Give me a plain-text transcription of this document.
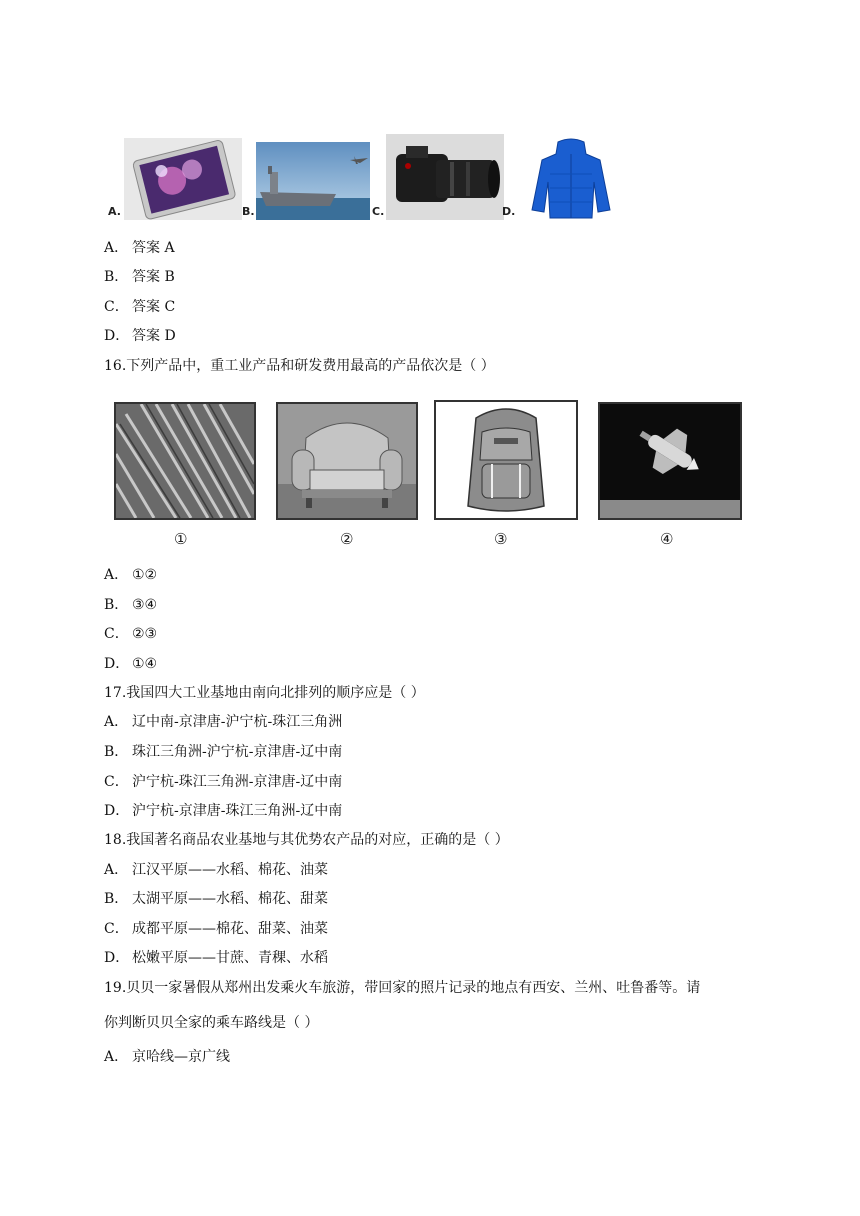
A.	B.	C.	D.
A． 答案 A
B． 答案 B
C． 答案 C
D． 答案 D
16.下列产品中，重工业产品和研发费用最高的产品依次是（ ）
①	②	③	④
A． ①②
B． ③④
C． ②③
D． ①④
17.我国四大工业基地由南向北排列的顺序应是（ ）
A． 辽中南-京津唐-沪宁杭-珠江三角洲
B． 珠江三角洲-沪宁杭-京津唐-辽中南
C． 沪宁杭-珠江三角洲-京津唐-辽中南
D． 沪宁杭-京津唐-珠江三角洲-辽中南
18.我国著名商品农业基地与其优势农产品的对应，正确的是（ ）
A． 江汉平原——水稻、棉花、油菜
B． 太湖平原——水稻、棉花、甜菜
C． 成都平原——棉花、甜菜、油菜
D． 松嫩平原——甘蔗、青稞、水稻
19.贝贝一家暑假从郑州出发乘火车旅游，带回家的照片记录的地点有西安、兰州、吐鲁番等。请
你判断贝贝全家的乘车路线是（ ）
A． 京哈线—京广线
